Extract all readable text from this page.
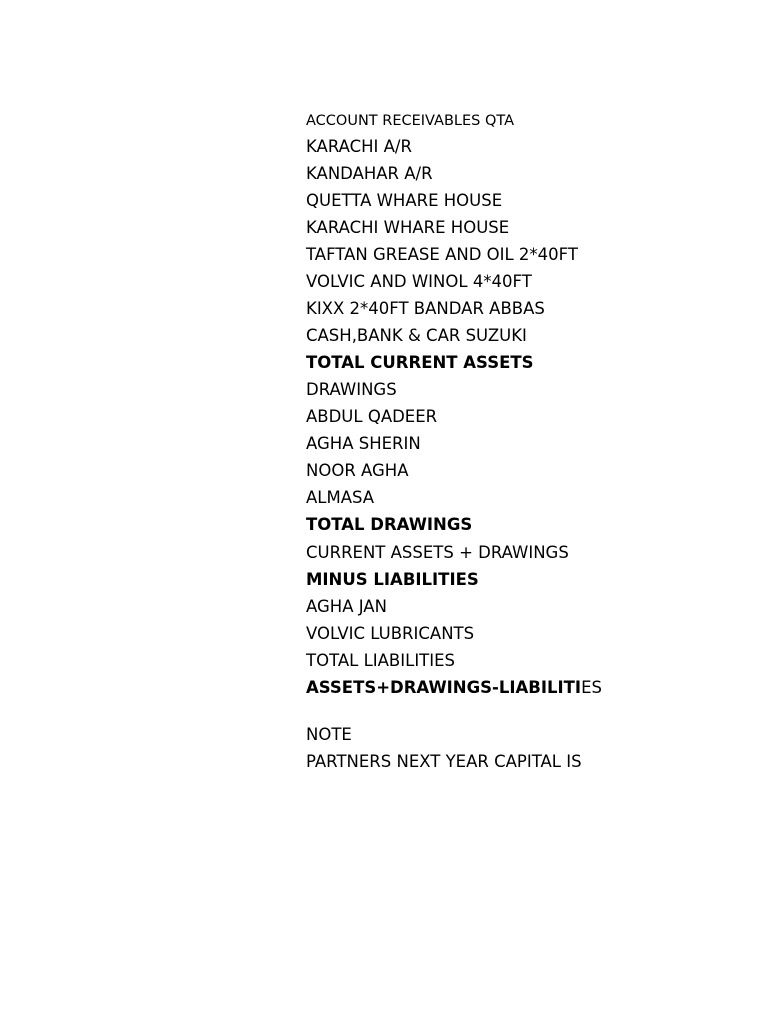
ACCOUNT RECEIVABLES QTA
KARACHI A/R
KANDAHAR A/R
QUETTA WHARE HOUSE
KARACHI WHARE HOUSE
TAFTAN GREASE AND OIL 2*40FT
VOLVIC AND WINOL 4*40FT
KIXX 2*40FT BANDAR ABBAS
CASH,BANK & CAR SUZUKI
TOTAL CURRENT ASSETS
DRAWINGS
ABDUL QADEER
AGHA SHERIN
NOOR AGHA
ALMASA
TOTAL DRAWINGS
CURRENT ASSETS + DRAWINGS
MINUS LIABILITIES
AGHA JAN
VOLVIC LUBRICANTS
TOTAL LIABILITIES
ASSETS+DRAWINGS-LIABILITIES
NOTE
PARTNERS NEXT YEAR CAPITAL IS
